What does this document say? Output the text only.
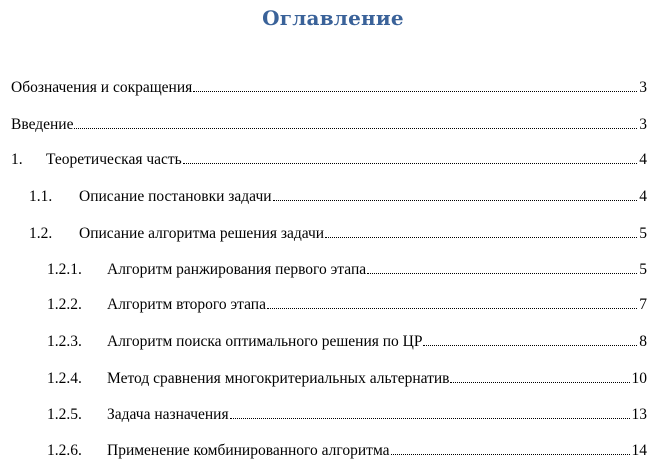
Оглавление
Обозначения и сокращения	3
Введение	3
1.	Теоретическая часть	4
1.1.	Описание постановки задачи	4
1.2.	Описание алгоритма решения задачи	5
1.2.1.	Алгоритм ранжирования первого этапа	5
1.2.2.	Алгоритм второго этапа	7
1.2.3.	Алгоритм поиска оптимального решения по ЦР	8
1.2.4.	Метод сравнения многокритериальных альтернатив	10
1.2.5.	Задача назначения	13
1.2.6.	Применение комбинированного алгоритма	14
